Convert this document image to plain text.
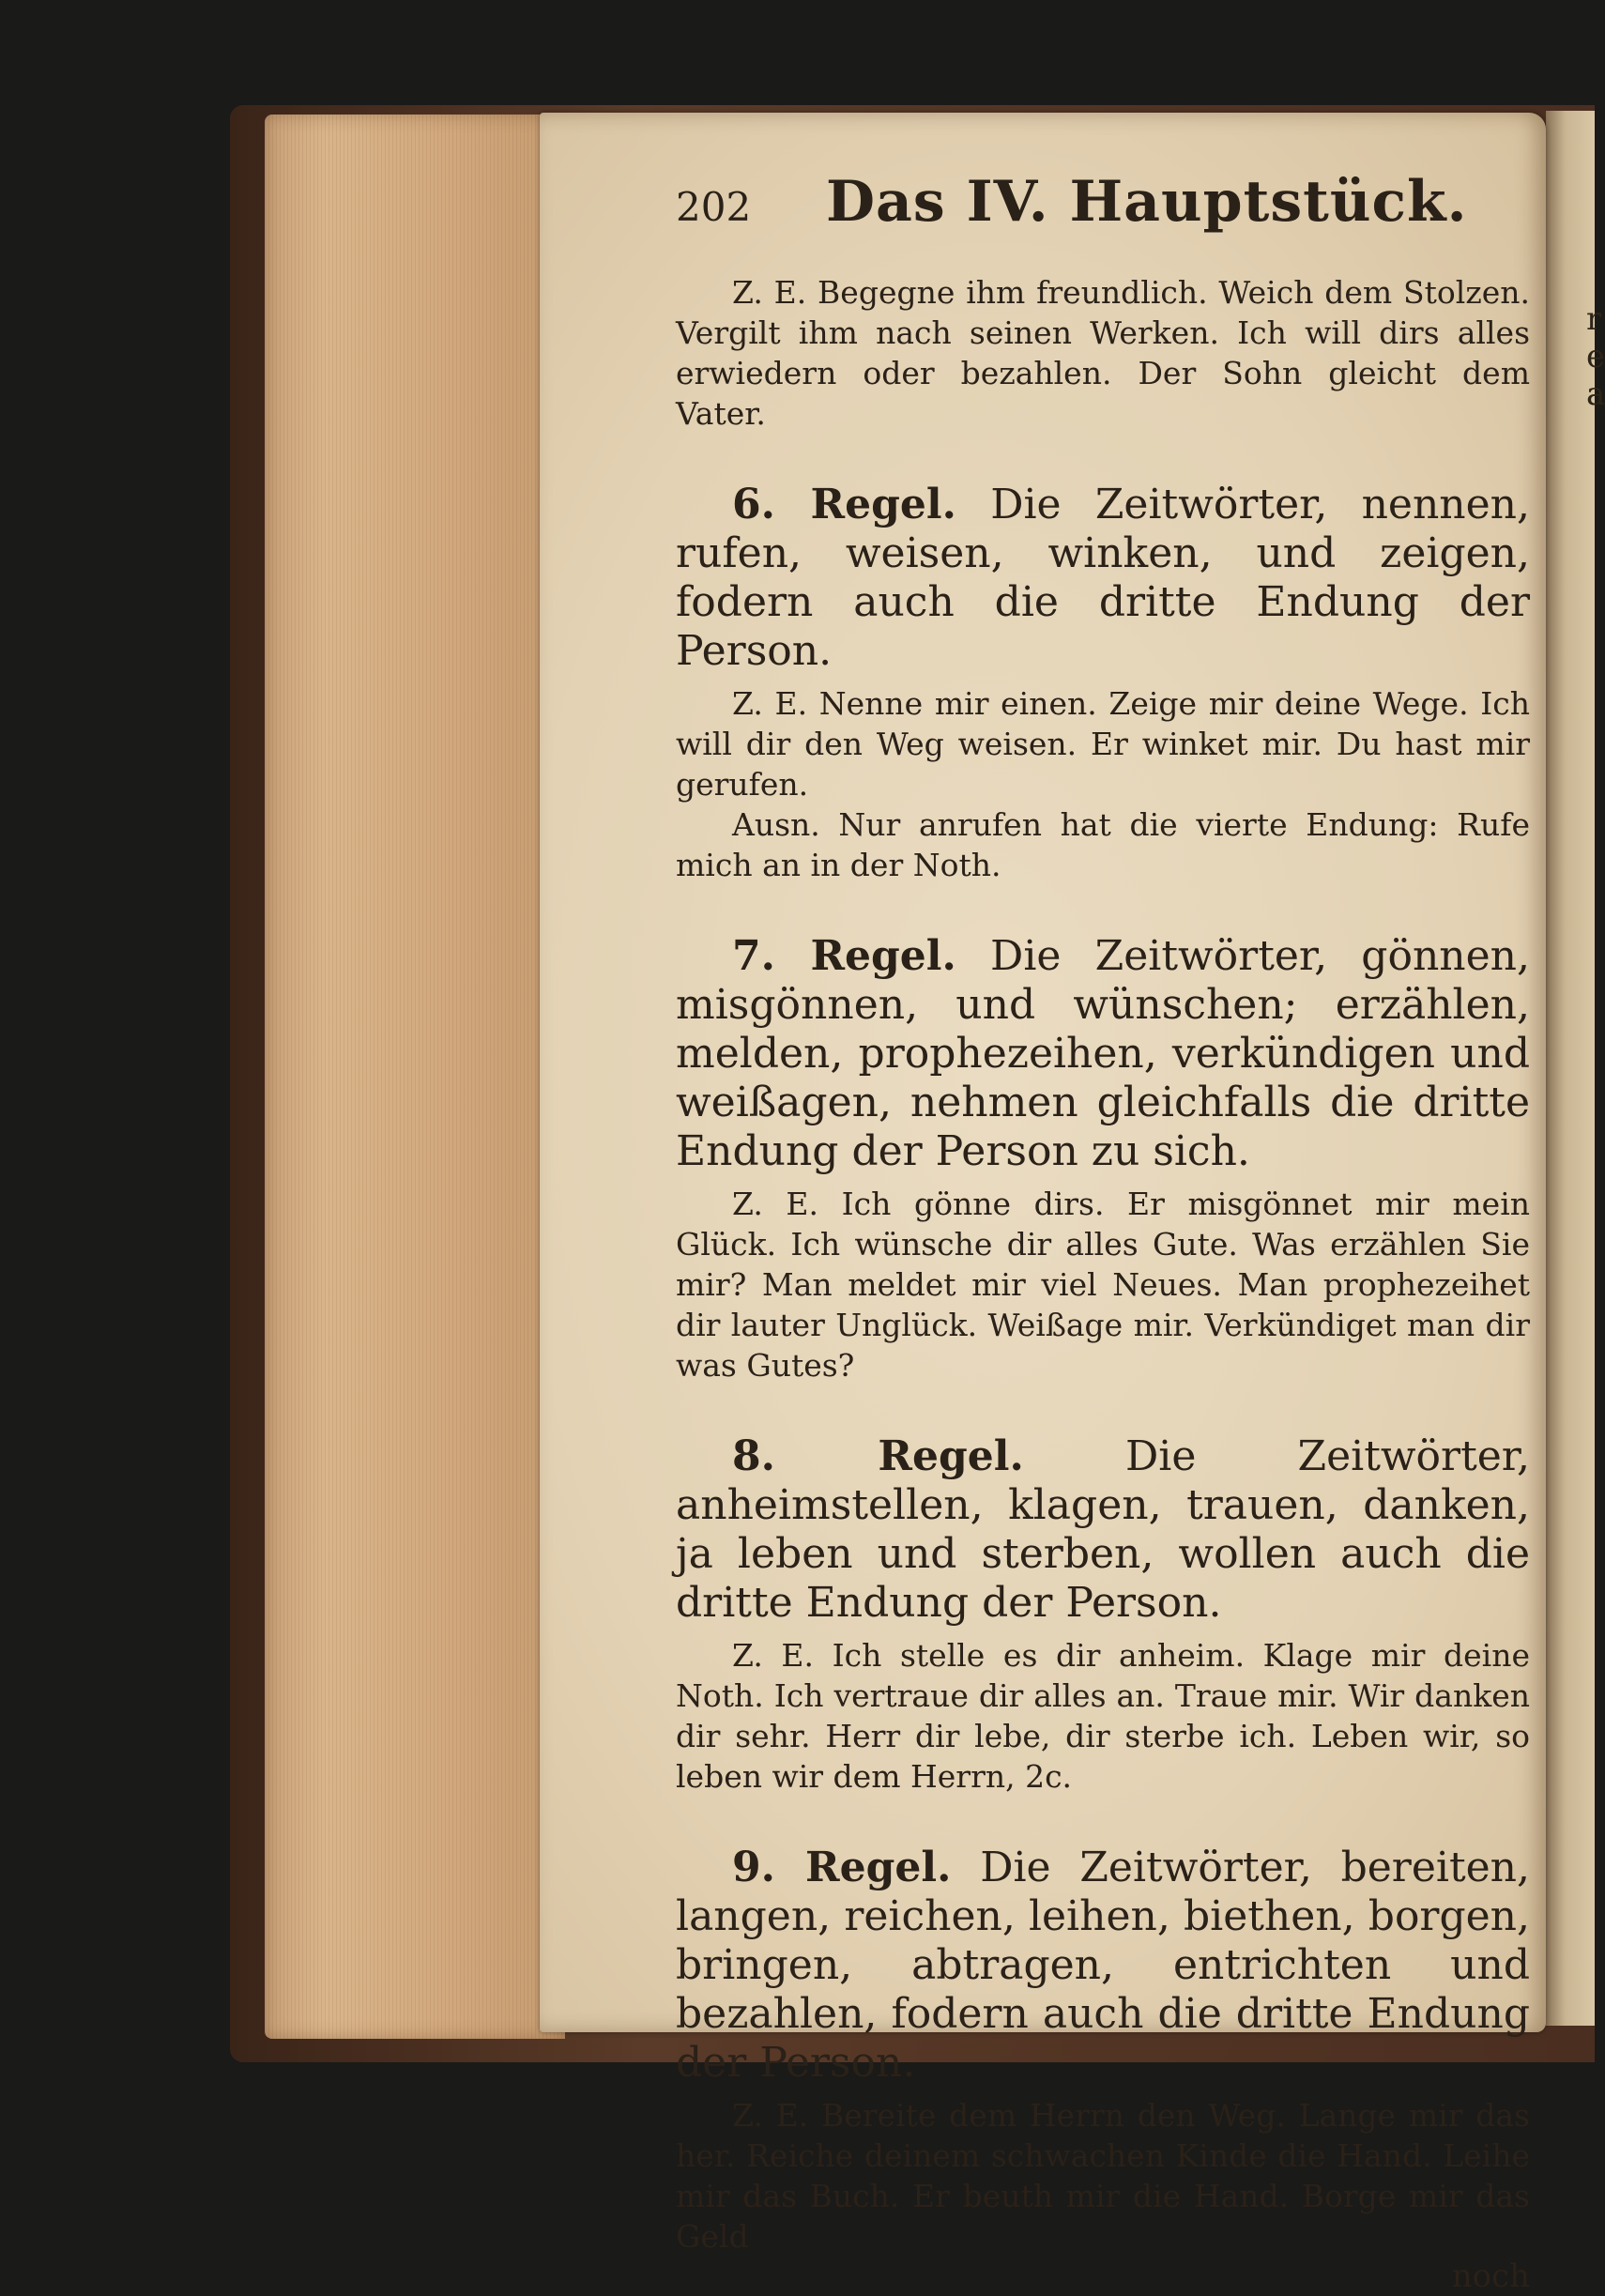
r
e
a
202	Das IV. Hauptstück.

Z. E. Begegne ihm freundlich. Weich dem Stolzen. Vergilt ihm nach seinen Werken. Ich will dirs alles erwiedern oder bezahlen. Der Sohn gleicht dem Vater.

6. Regel. Die Zeitwörter, nennen, rufen, weisen, winken, und zeigen, fodern auch die dritte Endung der Person.

Z. E. Nenne mir einen. Zeige mir deine Wege. Ich will dir den Weg weisen. Er winket mir. Du hast mir gerufen.

Ausn. Nur anrufen hat die vierte Endung: Rufe mich an in der Noth.

7. Regel. Die Zeitwörter, gönnen, misgönnen, und wünschen; erzählen, melden, prophezeihen, verkündigen und weißagen, nehmen gleichfalls die dritte Endung der Person zu sich.

Z. E. Ich gönne dirs. Er misgönnet mir mein Glück. Ich wünsche dir alles Gute. Was erzählen Sie mir? Man meldet mir viel Neues. Man prophezeihet dir lauter Unglück. Weißage mir. Verkündiget man dir was Gutes?

8. Regel. Die Zeitwörter, anheimstellen, klagen, trauen, danken, ja leben und sterben, wollen auch die dritte Endung der Person.

Z. E. Ich stelle es dir anheim. Klage mir deine Noth. Ich vertraue dir alles an. Traue mir. Wir danken dir sehr. Herr dir lebe, dir sterbe ich. Leben wir, so leben wir dem Herrn, 2c.

9. Regel. Die Zeitwörter, bereiten, langen, reichen, leihen, biethen, borgen, bringen, abtragen, entrichten und bezahlen, fodern auch die dritte Endung der Person.

Z. E. Bereite dem Herrn den Weg. Lange mir das her. Reiche deinem schwachen Kinde die Hand. Leihe mir das Buch. Er beuth mir die Hand. Borge mir das Geld

noch
